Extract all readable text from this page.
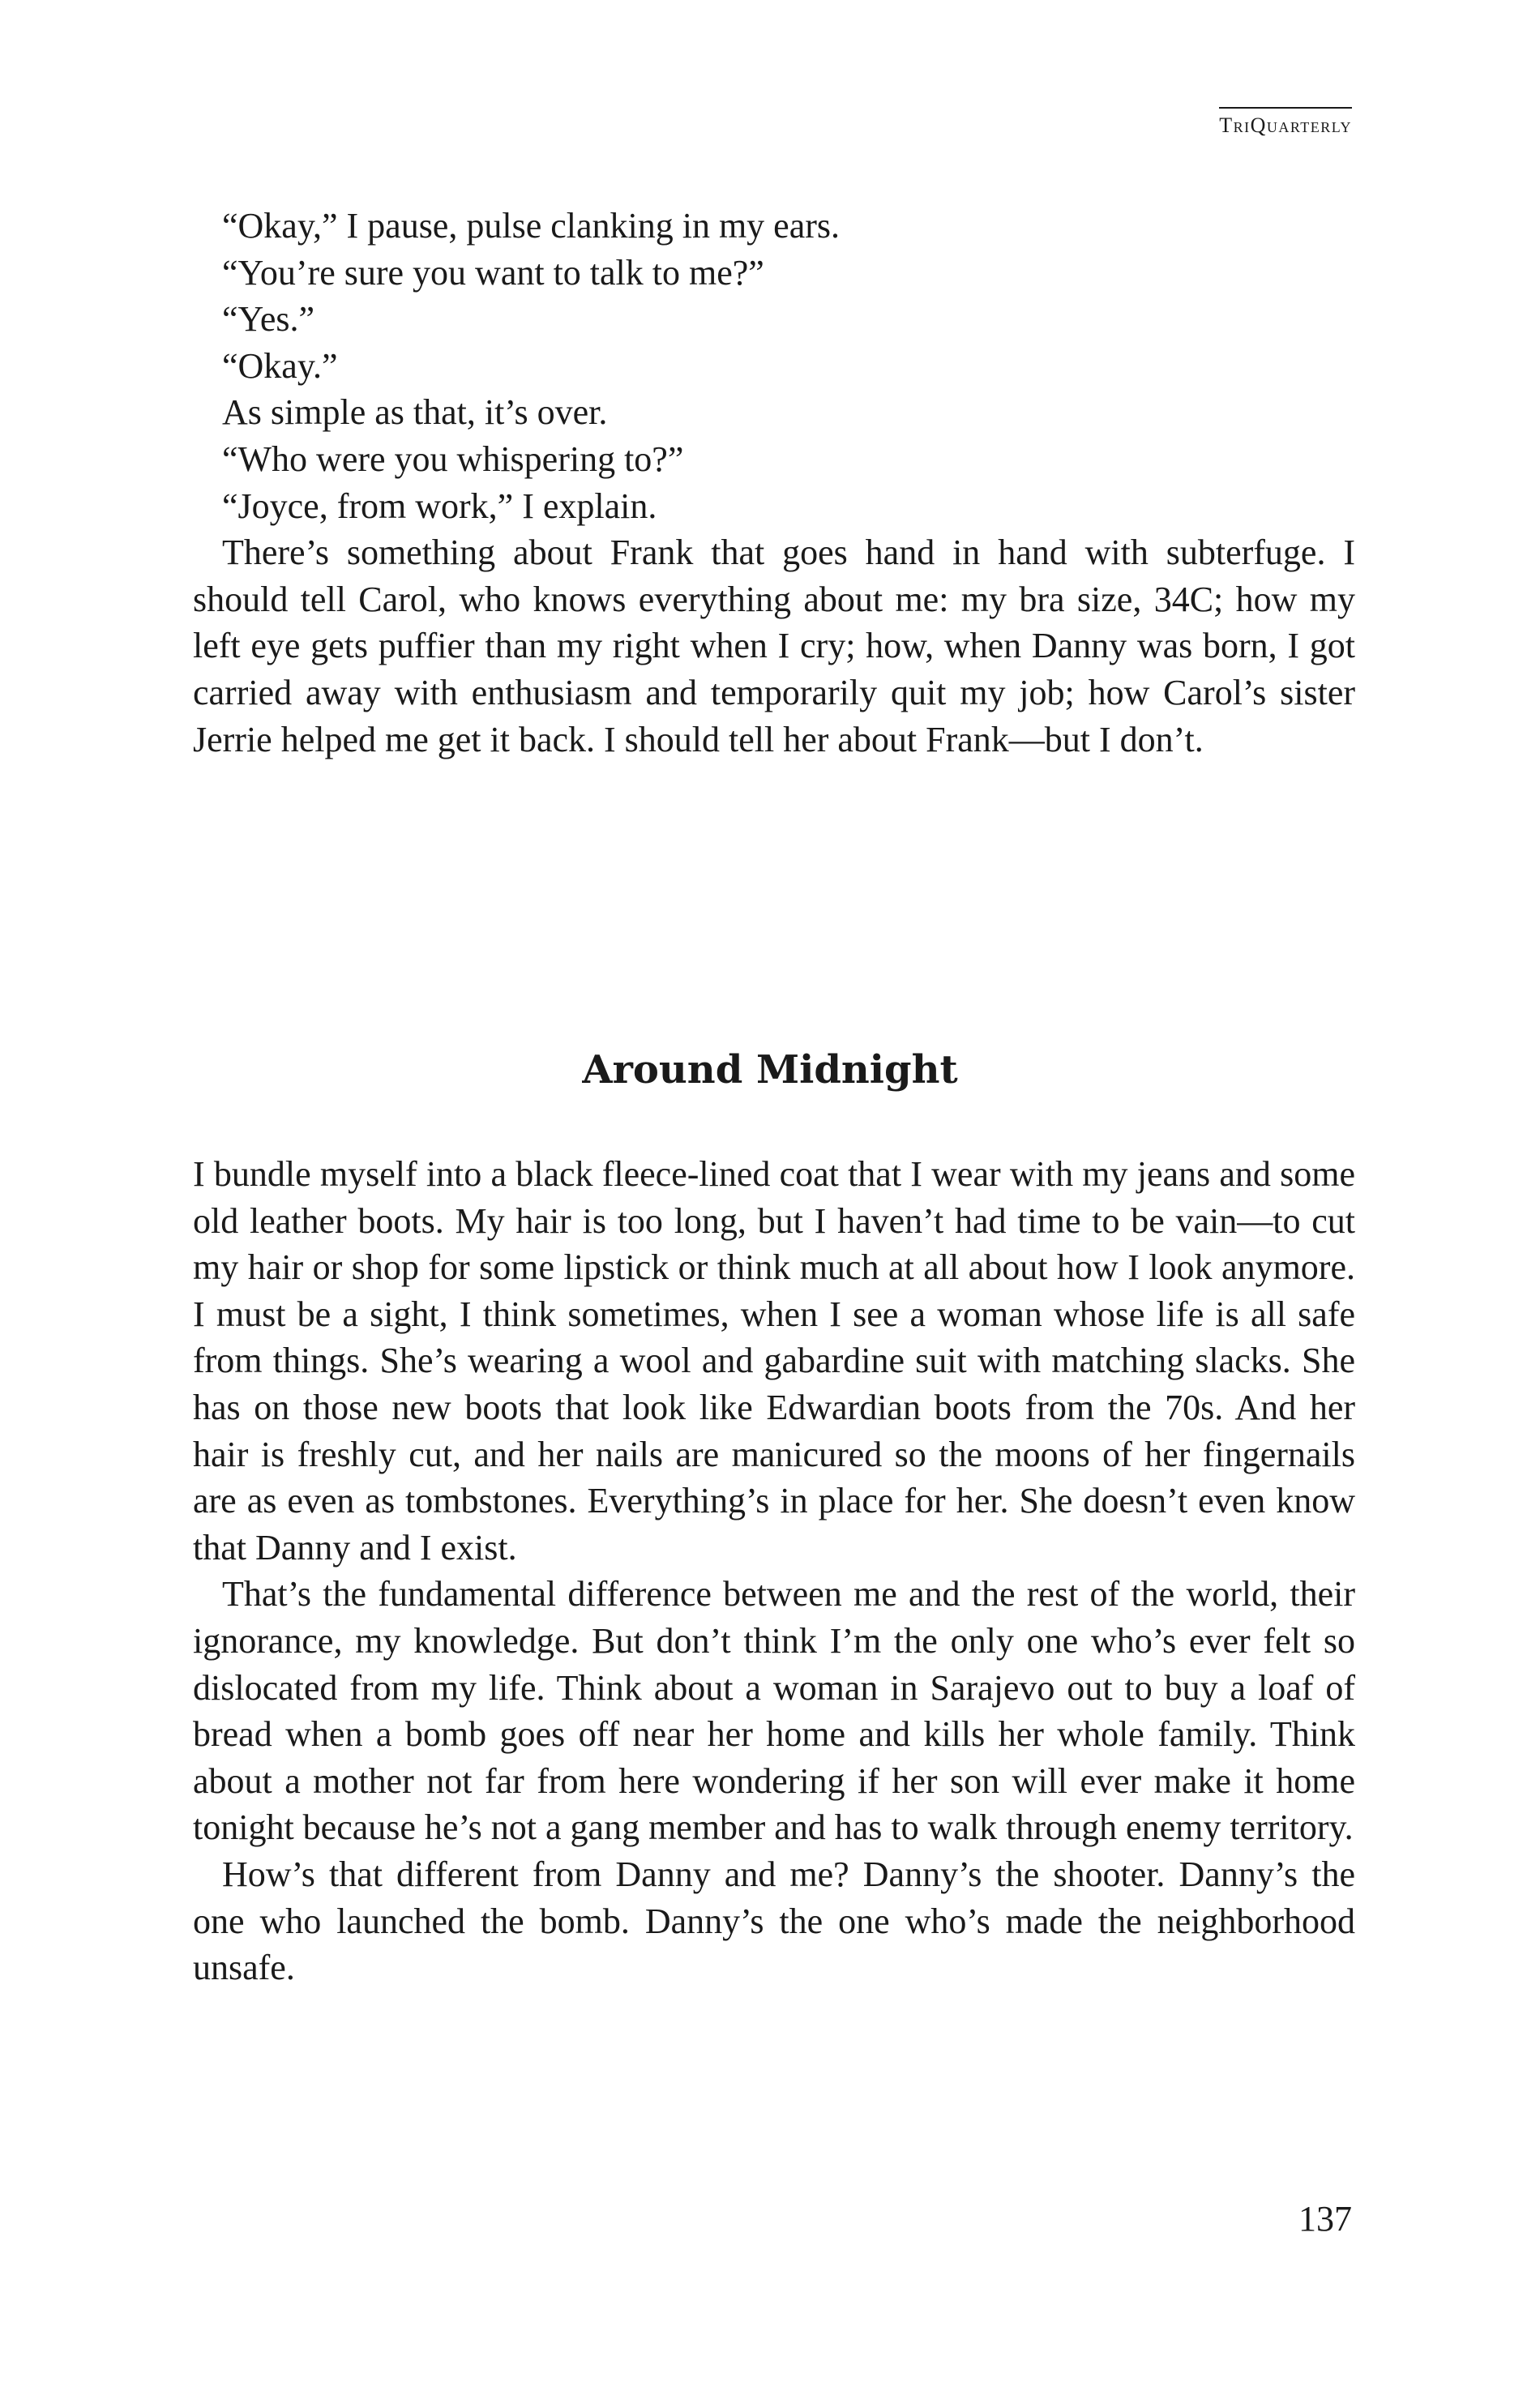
TriQuarterly

“Okay,” I pause, pulse clanking in my ears.

“You’re sure you want to talk to me?”

“Yes.”

“Okay.”

As simple as that, it’s over.

“Who were you whispering to?”

“Joyce, from work,” I explain.

There’s something about Frank that goes hand in hand with subterfuge. I should tell Carol, who knows everything about me: my bra size, 34C; how my left eye gets puffier than my right when I cry; how, when Danny was born, I got carried away with enthusiasm and temporarily quit my job; how Carol’s sister Jerrie helped me get it back. I should tell her about Frank—but I don’t.

Around Midnight

I bundle myself into a black fleece-lined coat that I wear with my jeans and some old leather boots. My hair is too long, but I haven’t had time to be vain—to cut my hair or shop for some lipstick or think much at all about how I look anymore. I must be a sight, I think sometimes, when I see a woman whose life is all safe from things. She’s wearing a wool and gabardine suit with matching slacks. She has on those new boots that look like Edwardian boots from the 70s. And her hair is freshly cut, and her nails are manicured so the moons of her fingernails are as even as tombstones. Everything’s in place for her. She doesn’t even know that Danny and I exist.

That’s the fundamental difference between me and the rest of the world, their ignorance, my knowledge. But don’t think I’m the only one who’s ever felt so dislocated from my life. Think about a woman in Sarajevo out to buy a loaf of bread when a bomb goes off near her home and kills her whole family. Think about a mother not far from here wondering if her son will ever make it home tonight because he’s not a gang member and has to walk through enemy territory.

How’s that different from Danny and me? Danny’s the shooter. Danny’s the one who launched the bomb. Danny’s the one who’s made the neighborhood unsafe.

137
